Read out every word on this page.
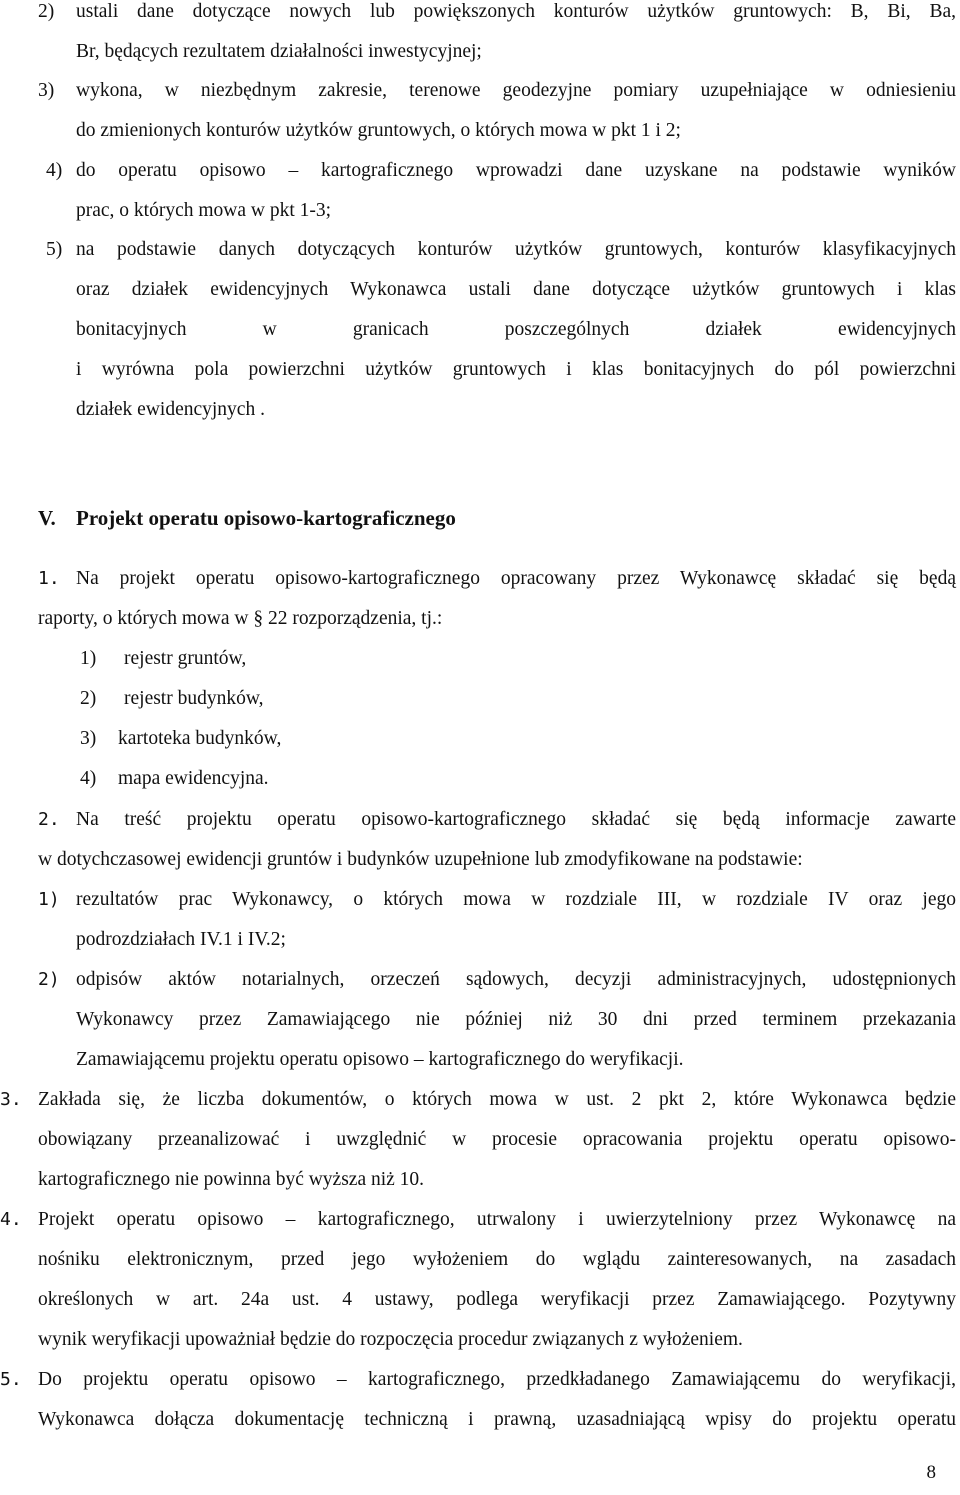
2) ustali dane dotyczące nowych lub powiększonych konturów użytków gruntowych: B, Bi, Ba,
Br, będących rezultatem działalności inwestycyjnej;
3) wykona, w niezbędnym zakresie, terenowe geodezyjne pomiary uzupełniające w odniesieniu
do zmienionych konturów użytków gruntowych, o których mowa w pkt 1 i 2;
4) do operatu opisowo – kartograficznego wprowadzi dane uzyskane na podstawie wyników
prac, o których mowa w pkt 1-3;
5) na podstawie danych dotyczących konturów użytków gruntowych, konturów klasyfikacyjnych
oraz działek ewidencyjnych Wykonawca ustali dane dotyczące użytków gruntowych i klas
bonitacyjnych w granicach poszczególnych działek ewidencyjnych
i wyrówna pola powierzchni użytków gruntowych i klas bonitacyjnych do pól powierzchni
działek ewidencyjnych .
V. Projekt operatu opisowo-kartograficznego
1. Na projekt operatu opisowo-kartograficznego opracowany przez Wykonawcę składać się będą
raporty, o których mowa w § 22 rozporządzenia, tj.:
1) rejestr gruntów,
2) rejestr budynków,
3) kartoteka budynków,
4) mapa ewidencyjna.
2. Na treść projektu operatu opisowo-kartograficznego składać się będą informacje zawarte
w dotychczasowej ewidencji gruntów i budynków uzupełnione lub zmodyfikowane na podstawie:
1) rezultatów prac Wykonawcy, o których mowa w rozdziale III, w rozdziale IV oraz jego
podrozdziałach IV.1 i IV.2;
2) odpisów aktów notarialnych, orzeczeń sądowych, decyzji administracyjnych, udostępnionych
Wykonawcy przez Zamawiającego nie później niż 30 dni przed terminem przekazania
Zamawiającemu projektu operatu opisowo – kartograficznego do weryfikacji.
3. Zakłada się, że liczba dokumentów, o których mowa w ust. 2 pkt 2, które Wykonawca będzie
obowiązany przeanalizować i uwzględnić w procesie opracowania projektu operatu opisowo-
kartograficznego nie powinna być wyższa niż 10.
4. Projekt operatu opisowo – kartograficznego, utrwalony i uwierzytelniony przez Wykonawcę na
nośniku elektronicznym, przed jego wyłożeniem do wglądu zainteresowanych, na zasadach
określonych w art. 24a ust. 4 ustawy, podlega weryfikacji przez Zamawiającego. Pozytywny
wynik weryfikacji upoważniał będzie do rozpoczęcia procedur związanych z wyłożeniem.
5. Do projektu operatu opisowo – kartograficznego, przedkładanego Zamawiającemu do weryfikacji,
Wykonawca dołącza dokumentację techniczną i prawną, uzasadniającą wpisy do projektu operatu
8
